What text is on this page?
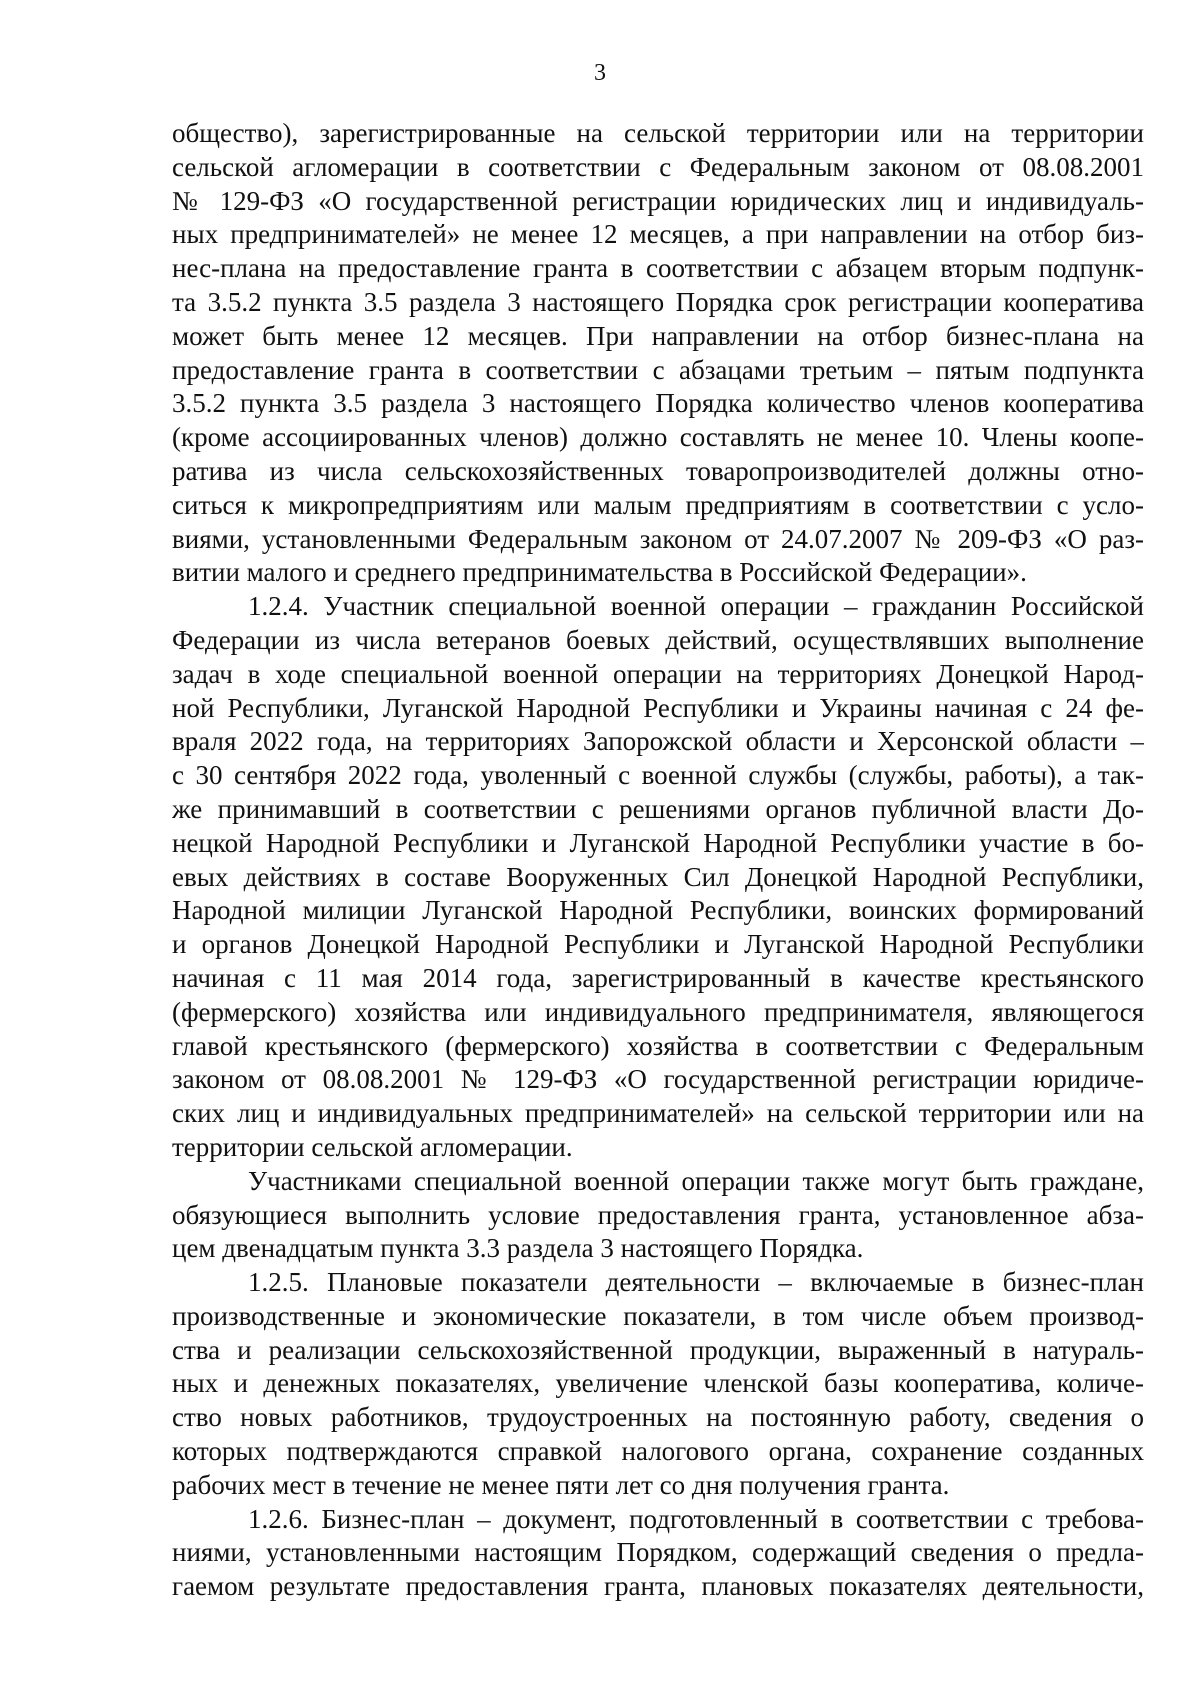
3
общество), зарегистрированные на сельской территории или на территории
сельской агломерации в соответствии с Федеральным законом от 08.08.2001
№ 129-ФЗ «О государственной регистрации юридических лиц и индивидуаль-
ных предпринимателей» не менее 12 месяцев, а при направлении на отбор биз-
нес-плана на предоставление гранта в соответствии с абзацем вторым подпунк-
та 3.5.2 пункта 3.5 раздела 3 настоящего Порядка срок регистрации кооператива
может быть менее 12 месяцев. При направлении на отбор бизнес-плана на
предоставление гранта в соответствии с абзацами третьим – пятым подпункта
3.5.2 пункта 3.5 раздела 3 настоящего Порядка количество членов кооператива
(кроме ассоциированных членов) должно составлять не менее 10. Члены коопе-
ратива из числа сельскохозяйственных товаропроизводителей должны отно-
ситься к микропредприятиям или малым предприятиям в соответствии с усло-
виями, установленными Федеральным законом от 24.07.2007 № 209-ФЗ «О раз-
витии малого и среднего предпринимательства в Российской Федерации».
1.2.4. Участник специальной военной операции – гражданин Российской
Федерации из числа ветеранов боевых действий, осуществлявших выполнение
задач в ходе специальной военной операции на территориях Донецкой Народ-
ной Республики, Луганской Народной Республики и Украины начиная с 24 фе-
враля 2022 года, на территориях Запорожской области и Херсонской области –
с 30 сентября 2022 года, уволенный с военной службы (службы, работы), а так-
же принимавший в соответствии с решениями органов публичной власти До-
нецкой Народной Республики и Луганской Народной Республики участие в бо-
евых действиях в составе Вооруженных Сил Донецкой Народной Республики,
Народной милиции Луганской Народной Республики, воинских формирований
и органов Донецкой Народной Республики и Луганской Народной Республики
начиная с 11 мая 2014 года, зарегистрированный в качестве крестьянского
(фермерского) хозяйства или индивидуального предпринимателя, являющегося
главой крестьянского (фермерского) хозяйства в соответствии с Федеральным
законом от 08.08.2001 № 129-ФЗ «О государственной регистрации юридиче-
ских лиц и индивидуальных предпринимателей» на сельской территории или на
территории сельской агломерации.
Участниками специальной военной операции также могут быть граждане,
обязующиеся выполнить условие предоставления гранта, установленное абза-
цем двенадцатым пункта 3.3 раздела 3 настоящего Порядка.
1.2.5. Плановые показатели деятельности – включаемые в бизнес-план
производственные и экономические показатели, в том числе объем производ-
ства и реализации сельскохозяйственной продукции, выраженный в натураль-
ных и денежных показателях, увеличение членской базы кооператива, количе-
ство новых работников, трудоустроенных на постоянную работу, сведения о
которых подтверждаются справкой налогового органа, сохранение созданных
рабочих мест в течение не менее пяти лет со дня получения гранта.
1.2.6. Бизнес-план – документ, подготовленный в соответствии с требова-
ниями, установленными настоящим Порядком, содержащий сведения о предла-
гаемом результате предоставления гранта, плановых показателях деятельности,
